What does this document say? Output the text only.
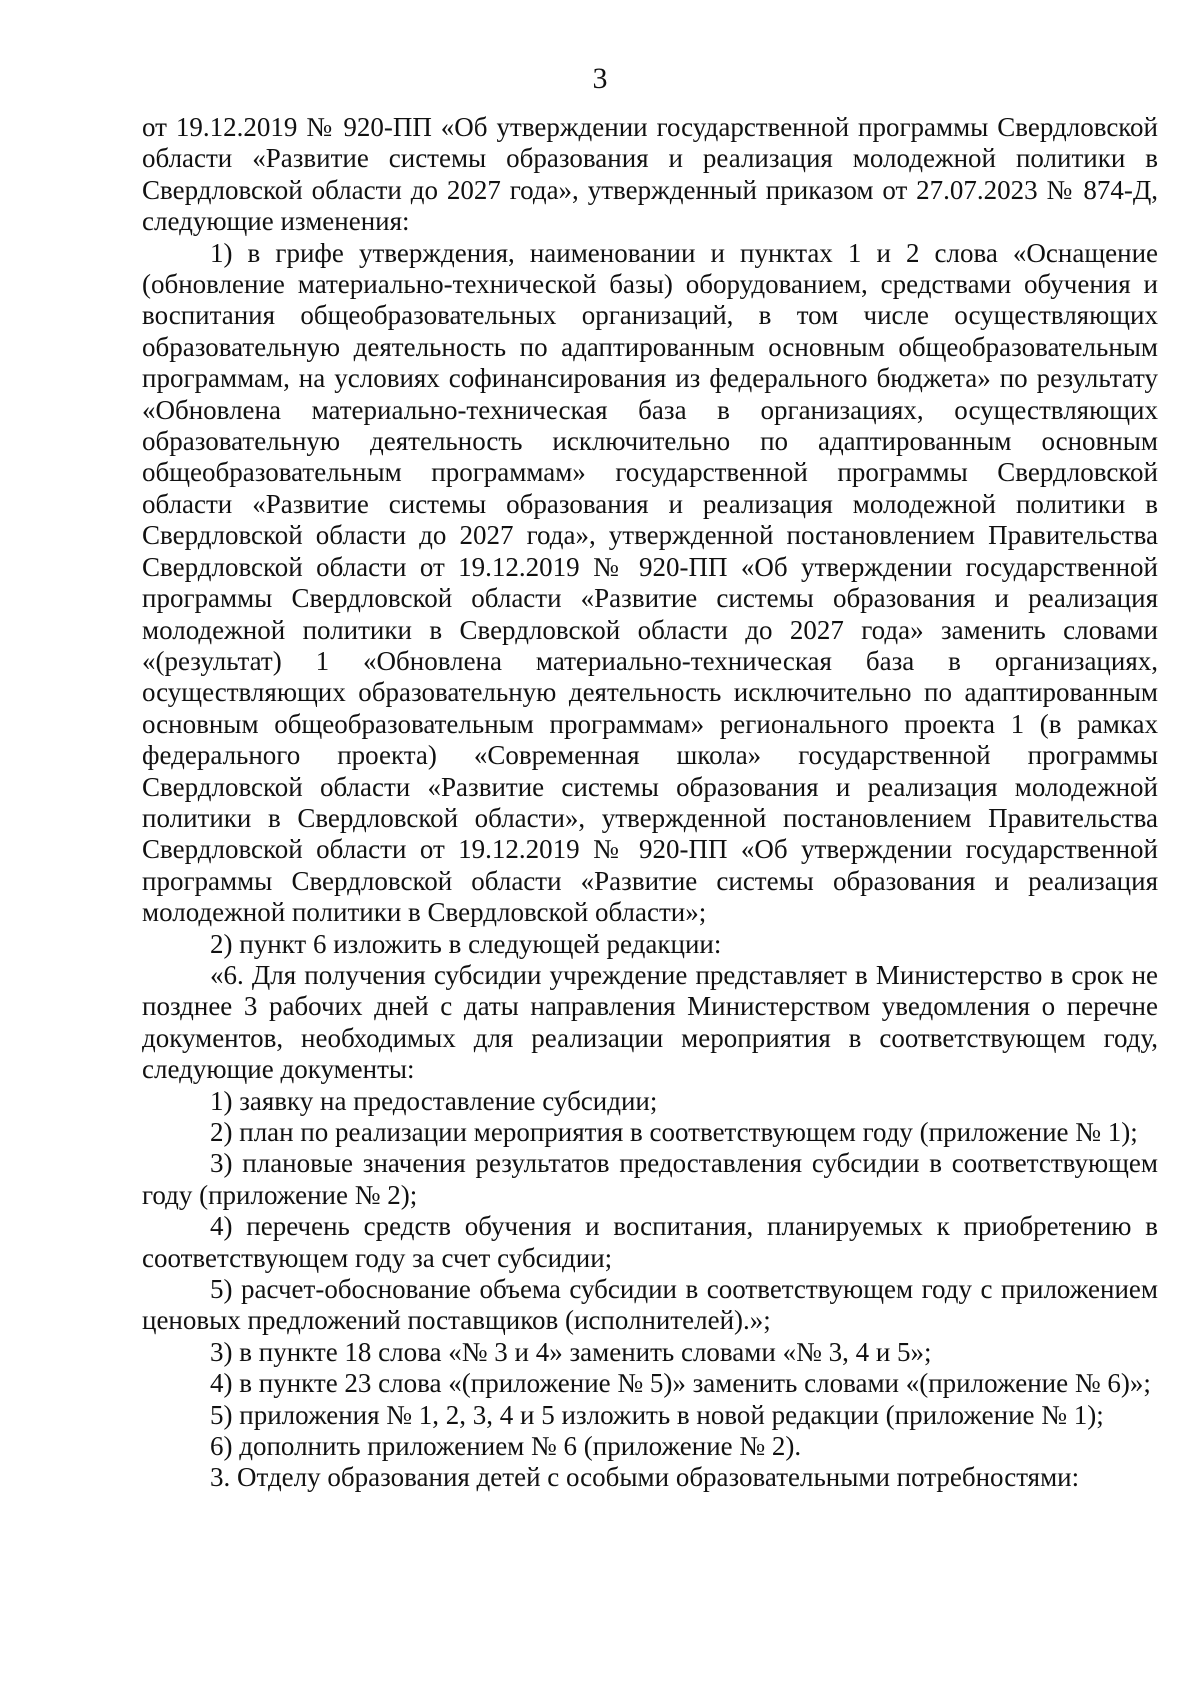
3

от 19.12.2019 № 920-ПП «Об утверждении государственной программы Свердловской области «Развитие системы образования и реализация молодежной политики в Свердловской области до 2027 года», утвержденный приказом от 27.07.2023 № 874-Д, следующие изменения:

1) в грифе утверждения, наименовании и пунктах 1 и 2 слова «Оснащение (обновление материально-технической базы) оборудованием, средствами обучения и воспитания общеобразовательных организаций, в том числе осуществляющих образовательную деятельность по адаптированным основным общеобразовательным программам, на условиях софинансирования из федерального бюджета» по результату «Обновлена материально-техническая база в организациях, осуществляющих образовательную деятельность исключительно по адаптированным основным общеобразовательным программам» государственной программы Свердловской области «Развитие системы образования и реализация молодежной политики в Свердловской области до 2027 года», утвержденной постановлением Правительства Свердловской области от 19.12.2019 № 920-ПП «Об утверждении государственной программы Свердловской области «Развитие системы образования и реализация молодежной политики в Свердловской области до 2027 года» заменить словами «(результат) 1 «Обновлена материально-техническая база в организациях, осуществляющих образовательную деятельность исключительно по адаптированным основным общеобразовательным программам» регионального проекта 1 (в рамках федерального проекта) «Современная школа» государственной программы Свердловской области «Развитие системы образования и реализация молодежной политики в Свердловской области», утвержденной постановлением Правительства Свердловской области от 19.12.2019 № 920-ПП «Об утверждении государственной программы Свердловской области «Развитие системы образования и реализация молодежной политики в Свердловской области»;

2) пункт 6 изложить в следующей редакции:

«6. Для получения субсидии учреждение представляет в Министерство в срок не позднее 3 рабочих дней с даты направления Министерством уведомления о перечне документов, необходимых для реализации мероприятия в соответствующем году, следующие документы:

1) заявку на предоставление субсидии;

2) план по реализации мероприятия в соответствующем году (приложение № 1);

3) плановые значения результатов предоставления субсидии в соответствующем году (приложение № 2);

4) перечень средств обучения и воспитания, планируемых к приобретению в соответствующем году за счет субсидии;

5) расчет-обоснование объема субсидии в соответствующем году с приложением ценовых предложений поставщиков (исполнителей).»;

3) в пункте 18 слова «№ 3 и 4» заменить словами «№ 3, 4 и 5»;

4) в пункте 23 слова «(приложение № 5)» заменить словами «(приложение № 6)»;

5) приложения № 1, 2, 3, 4 и 5 изложить в новой редакции (приложение № 1);

6) дополнить приложением № 6 (приложение № 2).

3. Отделу образования детей с особыми образовательными потребностями:
